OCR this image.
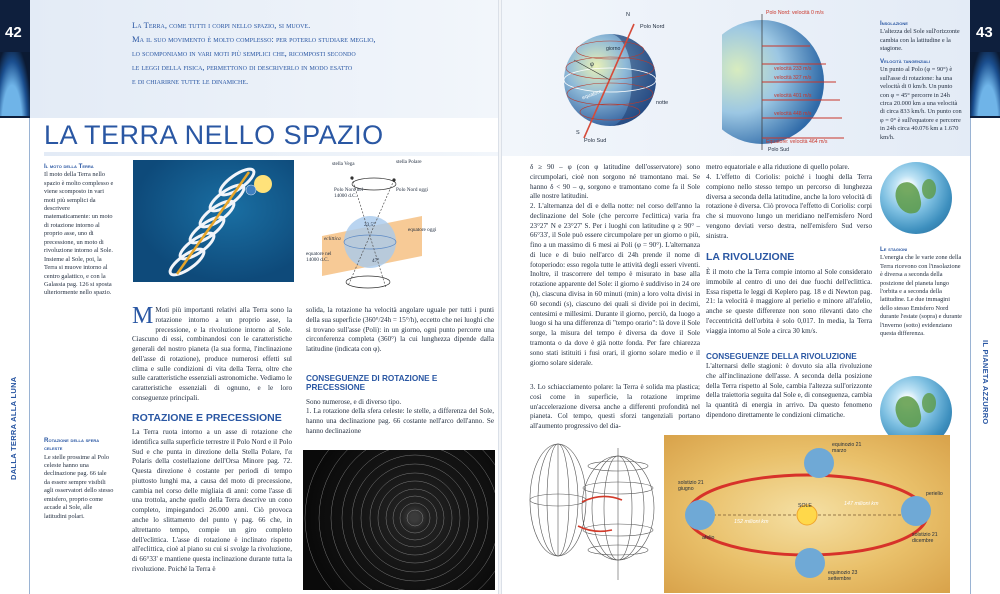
42
DALLA TERRA ALLA LUNA
La Terra, come tutti i corpi nello spazio, si muove.
Ma il suo movimento è molto complesso: per poterlo studiare meglio,
lo scomponiamo in vari moti più semplici che, ricomposti secondo
le leggi della fisica, permettono di descriverlo in modo esatto
e di chiarirne tutte le dinamiche.
LA TERRA NELLO SPAZIO
Il moto della Terra
Il moto della Terra nello spazio è molto complesso e viene scomposto in vari moti più semplici da descrivere matematicamente: un moto di rotazione intorno al proprio asse, uno di precessione, un moto di rivoluzione intorno al Sole. Insieme al Sole, poi, la Terra si muove intorno al centro galattico, e con la Galassia pag. 126 si sposta ulteriormente nello spazio.
Rotazione della sfera celeste
Le stelle prossime al Polo celeste hanno una declinazione pag. 66 tale da essere sempre visibili agli osservatori dello stesso emisfero, proprio come accade al Sole, alle latitudini polari.
stella Vega	stella Polare
Polo Nord nel 14000 d.C.
Polo Nord oggi
eclittica
23,5°
47°
equatore nel 14000 d.C.
equatore oggi
M Moti più importanti relativi alla Terra sono la rotazione intorno a un proprio asse, la precessione, e la rivoluzione intorno al Sole. Ciascuno di essi, combinandosi con le caratteristiche generali del nostro pianeta (la sua forma, l'inclinazione dell'asse di rotazione), produce numerosi effetti sul clima e sulle condizioni di vita della Terra, oltre che sulle caratteristiche essenziali astronomiche. Vediamo le caratteristiche essenziali di ognuno, e le loro conseguenze principali.
ROTAZIONE E PRECESSIONE
La Terra ruota intorno a un asse di rotazione che identifica sulla superficie terrestre il Polo Nord e il Polo Sud e che punta in direzione della Stella Polare, l'α Polaris della costellazione dell'Orsa Minore pag. 72. Questa direzione è costante per periodi di tempo piuttosto lunghi ma, a causa del moto di precessione, cambia nel corso delle migliaia di anni: come l'asse di una trottola, anche quello della Terra descrive un cono completo, impiegandoci 26.000 anni. Ciò provoca anche lo slittamento del punto γ pag. 66 che, in altrettanto tempo, compie un giro completo dell'eclittica. L'asse di rotazione è inclinato rispetto all'eclittica, cioè al piano su cui si svolge la rivoluzione, di 66°33' e mantiene questa inclinazione durante tutta la rivoluzione. Poiché la Terra è
solida, la rotazione ha velocità angolare uguale per tutti i punti della sua superficie (360°/24h = 15°/h), eccetto che nei luoghi che si trovano sull'asse (Poli): in un giorno, ogni punto percorre una circonferenza completa (360°) la cui lunghezza dipende dalla latitudine (indicata con φ).
CONSEGUENZE DI ROTAZIONE E PRECESSIONE
Sono numerose, e di diverso tipo.
1. La rotazione della sfera celeste: le stelle, a differenza del Sole, hanno una declinazione pag. 66 costante nell'arco dell'anno. Se hanno declinazione
N
Polo Nord
φ
equatore
giorno
notte
S
Polo Sud
Polo Nord: velocità 0 m/s
velocità 233 m/s
velocità 327 m/s
velocità 401 m/s
velocità 448 m/s
Equatore: velocità 464 m/s
Polo Sud
Insolazione
L'altezza del Sole sull'orizzonte cambia con la latitudine e la stagione.
Velocità tangenziali
Un punto al Polo (φ = 90°) è sull'asse di rotazione: ha una velocità di 0 km/h. Un punto con φ = 45° percorre in 24h circa 20.000 km a una velocità di circa 833 km/h. Un punto con φ = 0° è sull'equatore e percorre in 24h circa 40.076 km a 1.670 km/h.
Le stagioni
L'energia che le varie zone della Terra ricevono con l'insolazione è diversa a seconda della posizione del pianeta lungo l'orbita e a seconda della latitudine. Le due immagini dello stesso Emisfero Nord durante l'estate (sopra) e durante l'inverno (sotto) evidenziano questa differenza.
43
IL PIANETA AZZURRO
δ ≥ 90 – φ (con φ latitudine dell'osservatore) sono circumpolari, cioè non sorgono né tramontano mai. Se hanno δ < 90 – φ, sorgono e tramontano come fa il Sole alle nostre latitudini.
2. L'alternanza del dì e della notte: nel corso dell'anno la declinazione del Sole (che percorre l'eclittica) varia fra 23°27' N e 23°27' S. Per i luoghi con latitudine φ ≥ 90° – 66°33', il Sole può essere circumpolare per un giorno o più, fino a un massimo di 6 mesi ai Poli (φ = 90°). L'alternanza di luce e di buio nell'arco di 24h prende il nome di fotoperiodo: esso regola tutte le attività degli esseri viventi. Inoltre, il trascorrere del tempo è misurato in base alla rotazione apparente del Sole: il giorno è suddiviso in 24 ore (h), ciascuna divisa in 60 minuti (min) a loro volta divisi in 60 secondi (s), ciascuno dei quali si divide poi in decimi, centesimi e millesimi. Durante il giorno, perciò, da luogo a luogo si ha una differenza di "tempo orario": là dove il Sole sorge, la misura del tempo è diversa da dove il Sole tramonta o da dove è già notte fonda. Per fare chiarezza sono stati istituiti i fusi orari, il giorno solare medio e il giorno solare siderale.
3. Lo schiacciamento polare: la Terra è solida ma plastica; così come in superficie, la rotazione imprime un'accelerazione diversa anche a differenti profondità nel pianeta. Col tempo, questi sforzi tangenziali portano all'aumento progressivo del dia-
metro equatoriale e alla riduzione di quello polare.
4. L'effetto di Coriolis: poiché i luoghi della Terra compiono nello stesso tempo un percorso di lunghezza diversa a seconda della latitudine, anche la loro velocità di rotazione è diversa. Ciò provoca l'effetto di Coriolis: corpi che si muovono lungo un meridiano nell'emisfero Nord vengono deviati verso destra, nell'emisfero Sud verso sinistra.
LA RIVOLUZIONE
È il moto che la Terra compie intorno al Sole considerato immobile al centro di uno dei due fuochi dell'eclittica. Essa rispetta le leggi di Keplero pag. 18 e di Newton pag. 21: la velocità è maggiore al perielio e minore all'afelio, anche se queste differenze non sono rilevanti dato che l'eccentricità dell'orbita è solo 0,017. In media, la Terra viaggia intorno al Sole a circa 30 km/s.
CONSEGUENZE DELLA RIVOLUZIONE
L'alternarsi delle stagioni: è dovuto sia alla rivoluzione che all'inclinazione dell'asse. A seconda della posizione della Terra rispetto al Sole, cambia l'altezza sull'orizzonte della traiettoria seguita dal Sole e, di conseguenza, cambia la quantità di energia in arrivo. Da questo fenomeno dipendono direttamente le condizioni climatiche.
equinozio 21 marzo
solstizio 21 giugno
afelio
perielio
SOLE
152 milioni km
147 milioni km
solstizio 21 dicembre
equinozio 23 settembre
